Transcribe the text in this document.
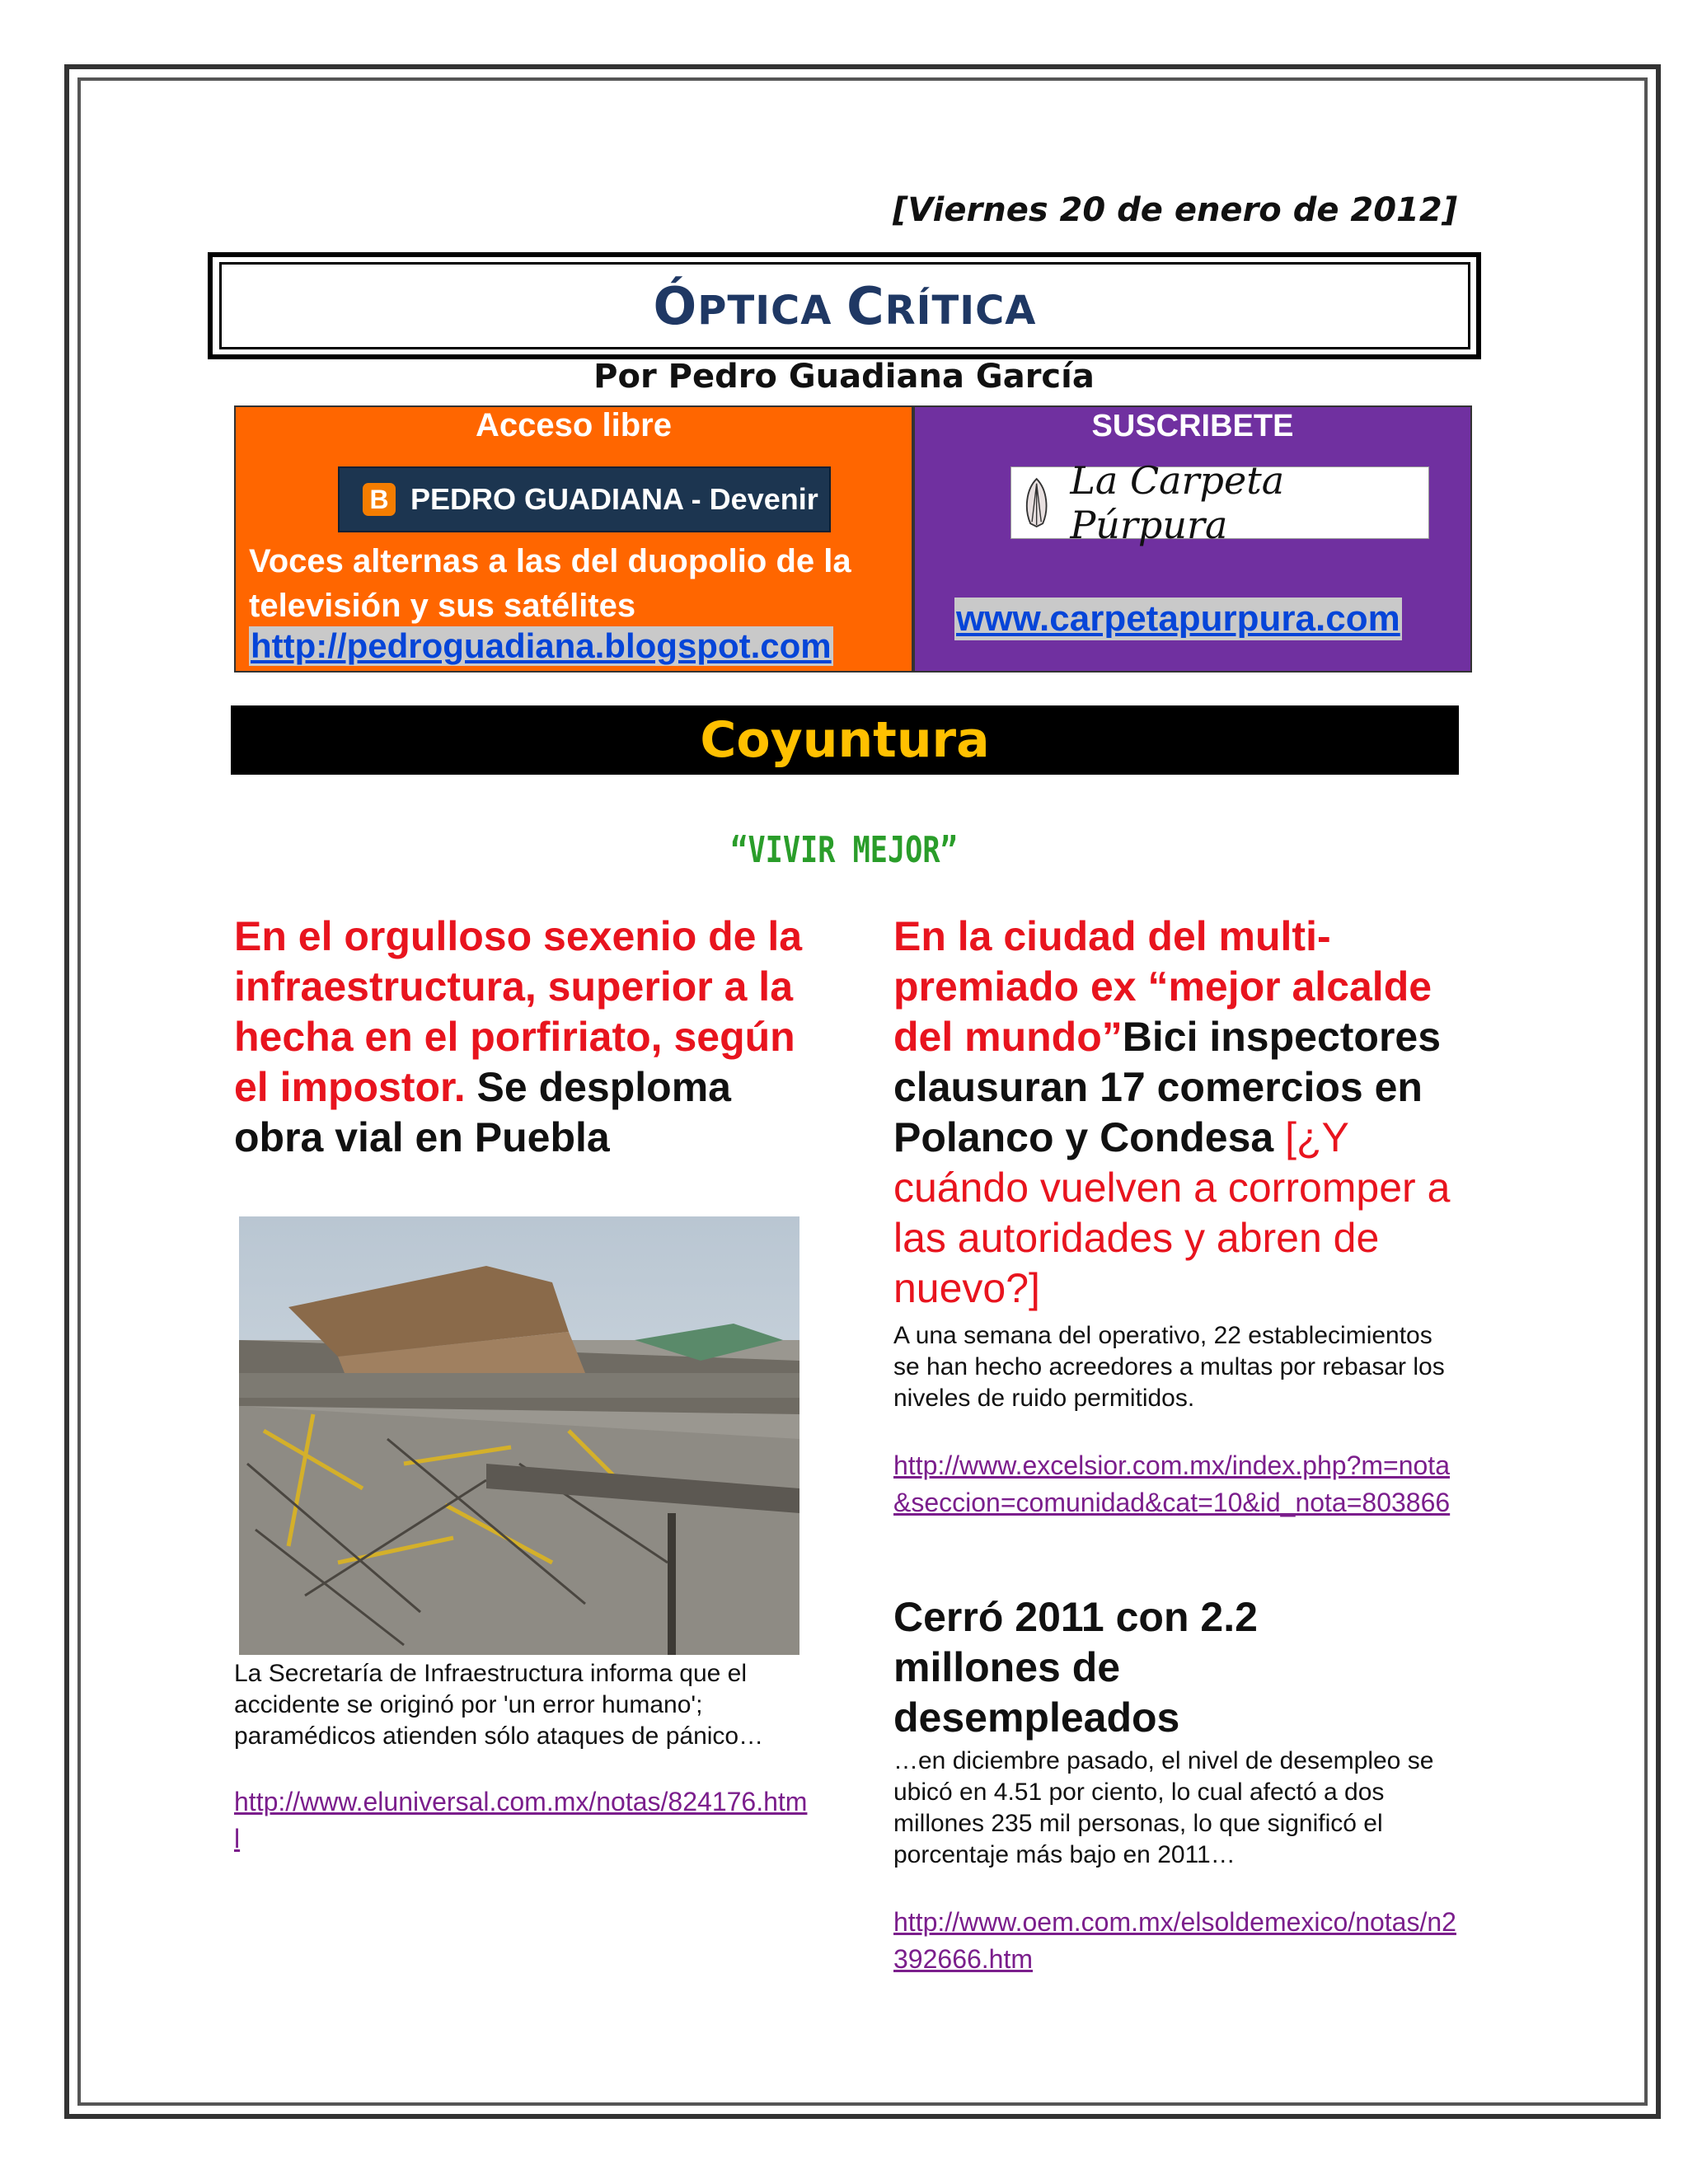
[Viernes 20 de enero de 2012]
ÓPTICA CRÍTICA
Por Pedro Guadiana García
Acceso libre
B PEDRO GUADIANA - Devenir
Voces alternas a las del duopolio de la televisión y sus satélites
http://pedroguadiana.blogspot.com
SUSCRIBETE
La Carpeta Púrpura
www.carpetapurpura.com
Coyuntura
“VIVIR MEJOR”
En el orgulloso sexenio de la infraestructura, superior a la hecha en el porfiriato, según el impostor. Se desploma obra vial en Puebla
La Secretaría de Infraestructura informa que el accidente se originó por 'un error humano'; paramédicos atienden sólo ataques de pánico…
http://www.eluniversal.com.mx/notas/824176.html
En la ciudad del multi-premiado ex “mejor alcalde del mundo”Bici inspectores clausuran 17 comercios en Polanco y Condesa [¿Y cuándo vuelven a corromper a las autoridades y abren de nuevo?]
A una semana del operativo, 22 establecimientos se han hecho acreedores a multas por rebasar los niveles de ruido permitidos.
http://www.excelsior.com.mx/index.php?m=nota&seccion=comunidad&cat=10&id_nota=803866
Cerró 2011 con 2.2 millones de desempleados
…en diciembre pasado, el nivel de desempleo se ubicó en 4.51 por ciento, lo cual afectó a dos millones 235 mil personas, lo que significó el porcentaje más bajo en 2011…
http://www.oem.com.mx/elsoldemexico/notas/n2392666.htm
